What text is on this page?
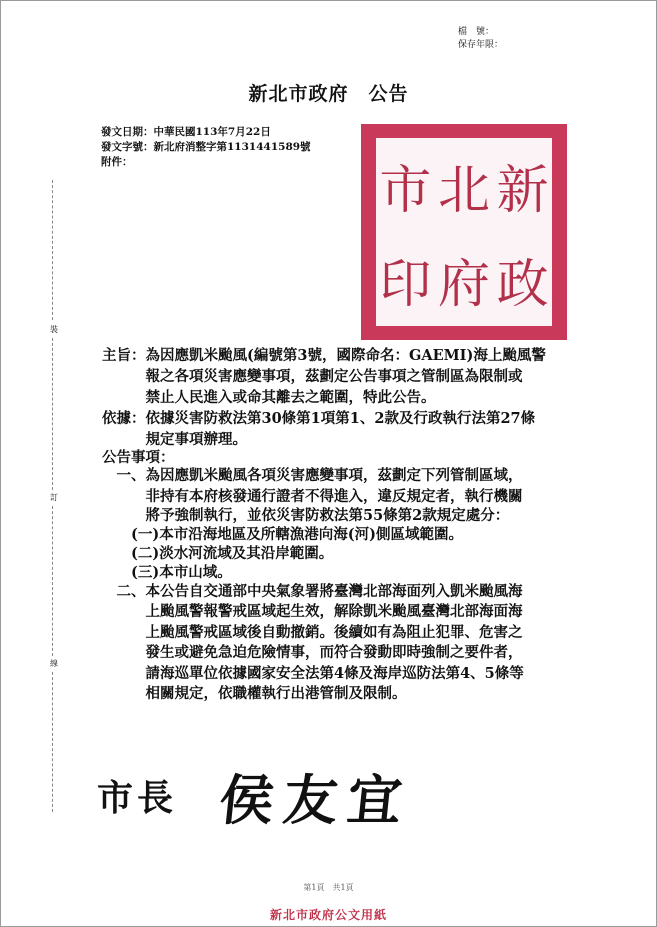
檔　號：
保存年限：
新北市政府　公告
發文日期：中華民國113年7月22日
發文字號：新北府消整字第1131441589號
附件：	市 北 新
印 府 政
裝
訂
線
主旨：為因應凱米颱風(編號第3號，國際命名：GAEMI)海上颱風警
　　　報之各項災害應變事項，茲劃定公告事項之管制區為限制或
　　　禁止人民進入或命其離去之範圍，特此公告。
依據：依據災害防救法第30條第1項第1、2款及行政執行法第27條
　　　規定事項辦理。
公告事項：
　一、為因應凱米颱風各項災害應變事項，茲劃定下列管制區域，
　　　非持有本府核發通行證者不得進入，違反規定者，執行機關
　　　將予強制執行，並依災害防救法第55條第2款規定處分：
　　(一)本市沿海地區及所轄漁港向海(河)側區域範圍。
　　(二)淡水河流域及其沿岸範圍。
　　(三)本市山域。
　二、本公告自交通部中央氣象署將臺灣北部海面列入凱米颱風海
　　　上颱風警報警戒區域起生效，解除凱米颱風臺灣北部海面海
　　　上颱風警戒區域後自動撤銷。後續如有為阻止犯罪、危害之
　　　發生或避免急迫危險情事，而符合發動即時強制之要件者，
　　　請海巡單位依據國家安全法第4條及海岸巡防法第4、5條等
　　　相關規定，依職權執行出港管制及限制。
市長 侯友宜
第1頁　共1頁
新北市政府公文用紙
